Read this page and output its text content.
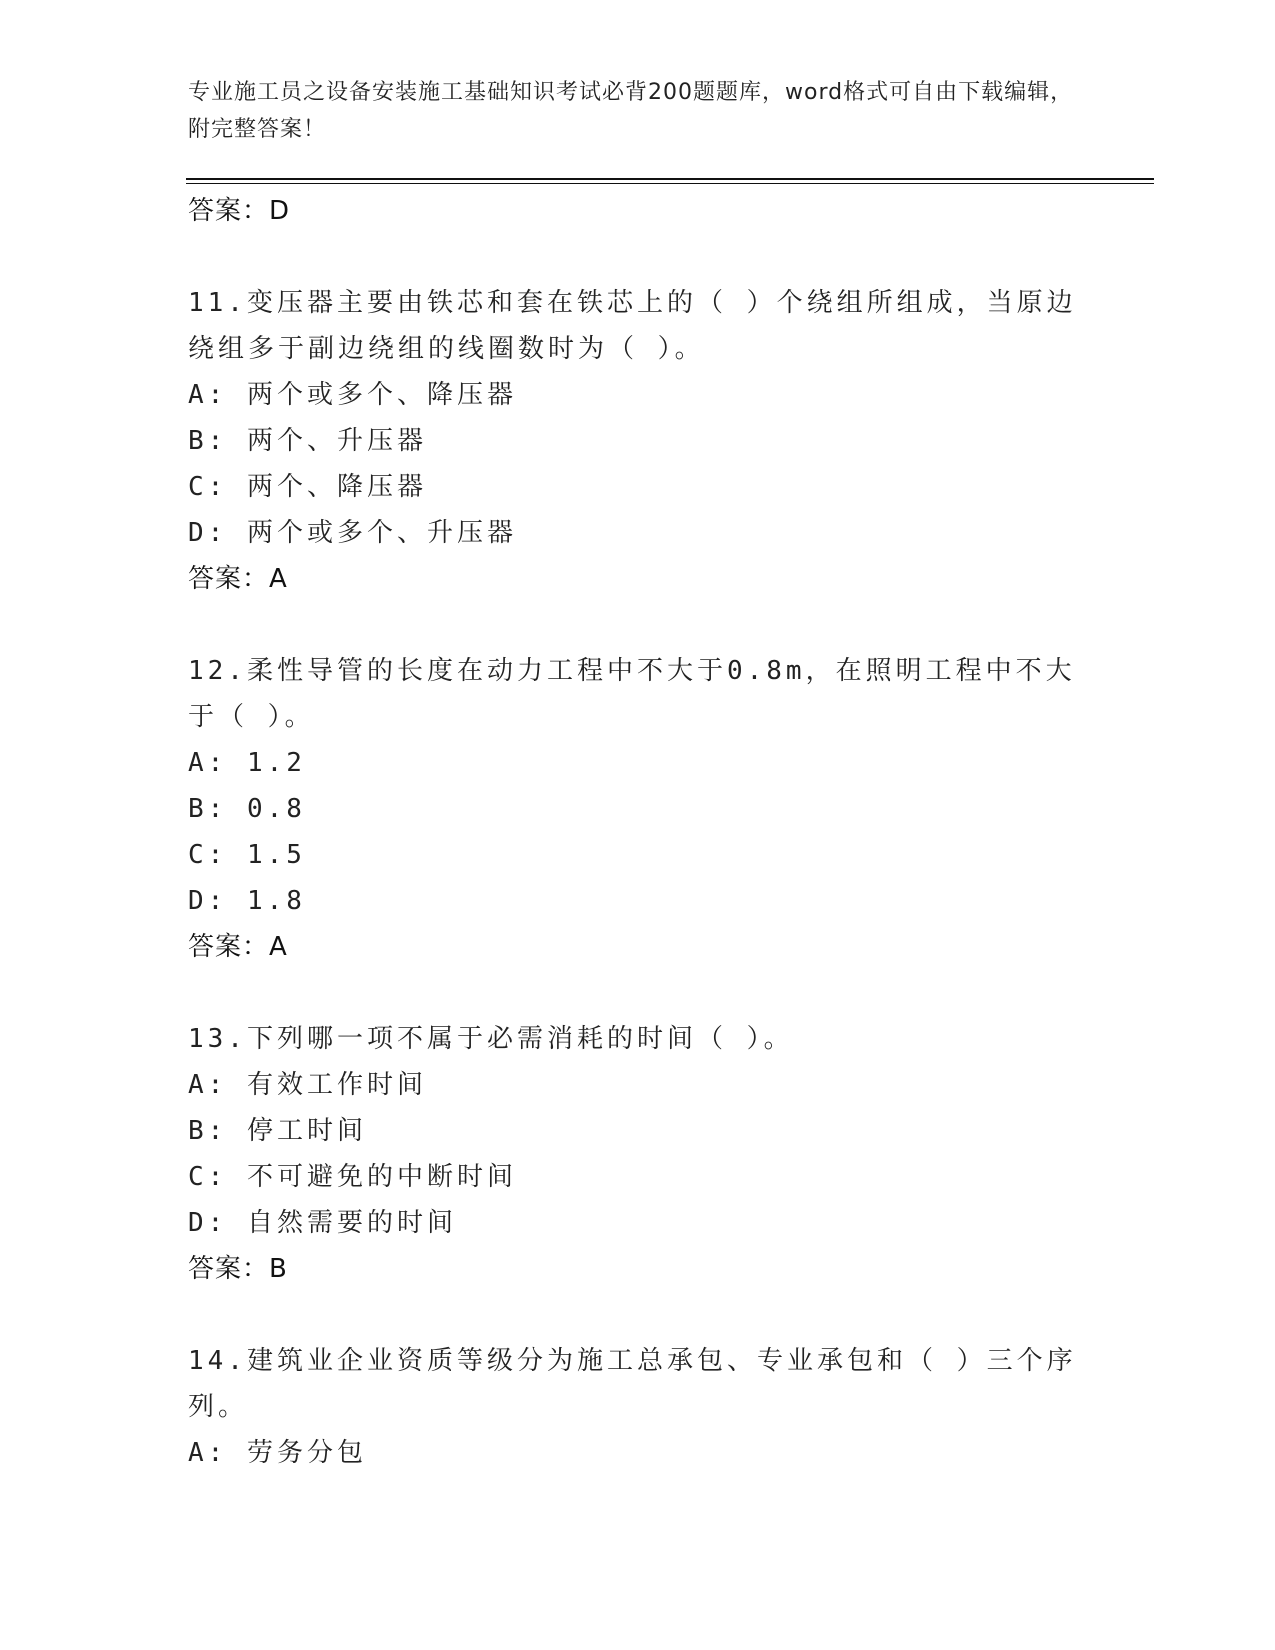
专业施工员之设备安装施工基础知识考试必背200题题库，word格式可自由下载编辑，附完整答案！
答案：D

11.变压器主要由铁芯和套在铁芯上的（ ）个绕组所组成，当原边绕组多于副边绕组的线圈数时为（ ）。

A: 两个或多个、降压器

B: 两个、升压器

C: 两个、降压器

D: 两个或多个、升压器

答案：A

12.柔性导管的长度在动力工程中不大于0.8m，在照明工程中不大于（ ）。

A: 1.2

B: 0.8

C: 1.5

D: 1.8

答案：A

13.下列哪一项不属于必需消耗的时间（ ）。

A: 有效工作时间

B: 停工时间

C: 不可避免的中断时间

D: 自然需要的时间

答案：B

14.建筑业企业资质等级分为施工总承包、专业承包和（ ）三个序列。

A: 劳务分包
